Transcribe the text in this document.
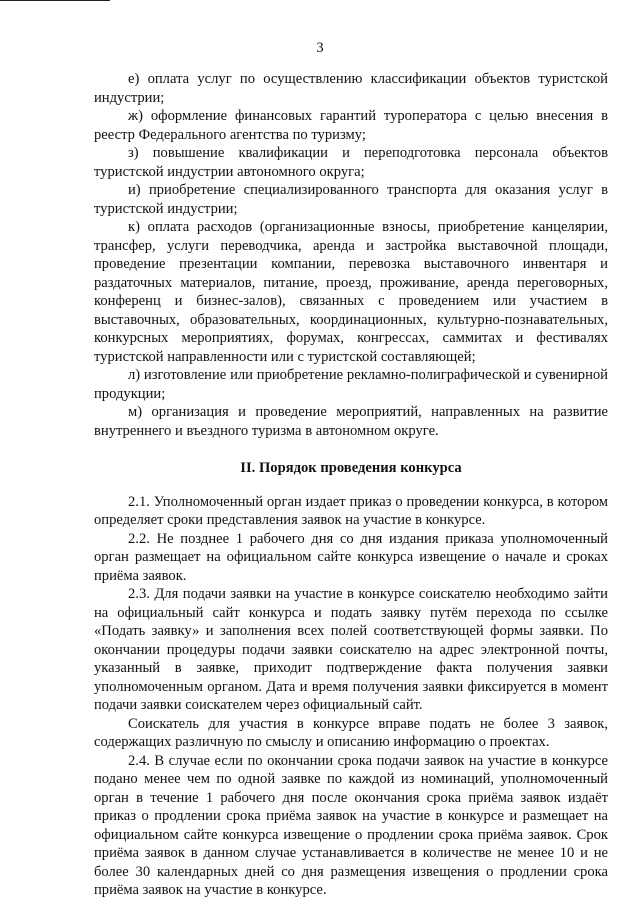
3

е) оплата услуг по осуществлению классификации объектов туристской индустрии;

ж) оформление финансовых гарантий туроператора с целью внесения в реестр Федерального агентства по туризму;

з) повышение квалификации и переподготовка персонала объектов туристской индустрии автономного округа;

и) приобретение специализированного транспорта для оказания услуг в туристской индустрии;

к) оплата расходов (организационные взносы, приобретение канцелярии, трансфер, услуги переводчика, аренда и застройка выставочной площади, проведение презентации компании, перевозка выставочного инвентаря и раздаточных материалов, питание, проезд, проживание, аренда переговорных, конференц и бизнес-залов), связанных с проведением или участием в выставочных, образовательных, координационных, культурно-познавательных, конкурсных мероприятиях, форумах, конгрессах, саммитах и фестивалях туристской направленности или с туристской составляющей;

л) изготовление или приобретение рекламно-полиграфической и сувенирной продукции;

м) организация и проведение мероприятий, направленных на развитие внутреннего и въездного туризма в автономном округе.

II. Порядок проведения конкурса

2.1. Уполномоченный орган издает приказ о проведении конкурса, в котором определяет сроки представления заявок на участие в конкурсе.

2.2. Не позднее 1 рабочего дня со дня издания приказа уполномоченный орган размещает на официальном сайте конкурса извещение о начале и сроках приёма заявок.

2.3. Для подачи заявки на участие в конкурсе соискателю необходимо зайти на официальный сайт конкурса и подать заявку путём перехода по ссылке «Подать заявку» и заполнения всех полей соответствующей формы заявки. По окончании процедуры подачи заявки соискателю на адрес электронной почты, указанный в заявке, приходит подтверждение факта получения заявки уполномоченным органом. Дата и время получения заявки фиксируется в момент подачи заявки соискателем через официальный сайт.

Соискатель для участия в конкурсе вправе подать не более 3 заявок, содержащих различную по смыслу и описанию информацию о проектах.

2.4. В случае если по окончании срока подачи заявок на участие в конкурсе подано менее чем по одной заявке по каждой из номинаций, уполномоченный орган в течение 1 рабочего дня после окончания срока приёма заявок издаёт приказ о продлении срока приёма заявок на участие в конкурсе и размещает на официальном сайте конкурса извещение о продлении срока приёма заявок. Срок приёма заявок в данном случае устанавливается в количестве не менее 10 и не более 30 календарных дней со дня размещения извещения о продлении срока приёма заявок на участие в конкурсе.
